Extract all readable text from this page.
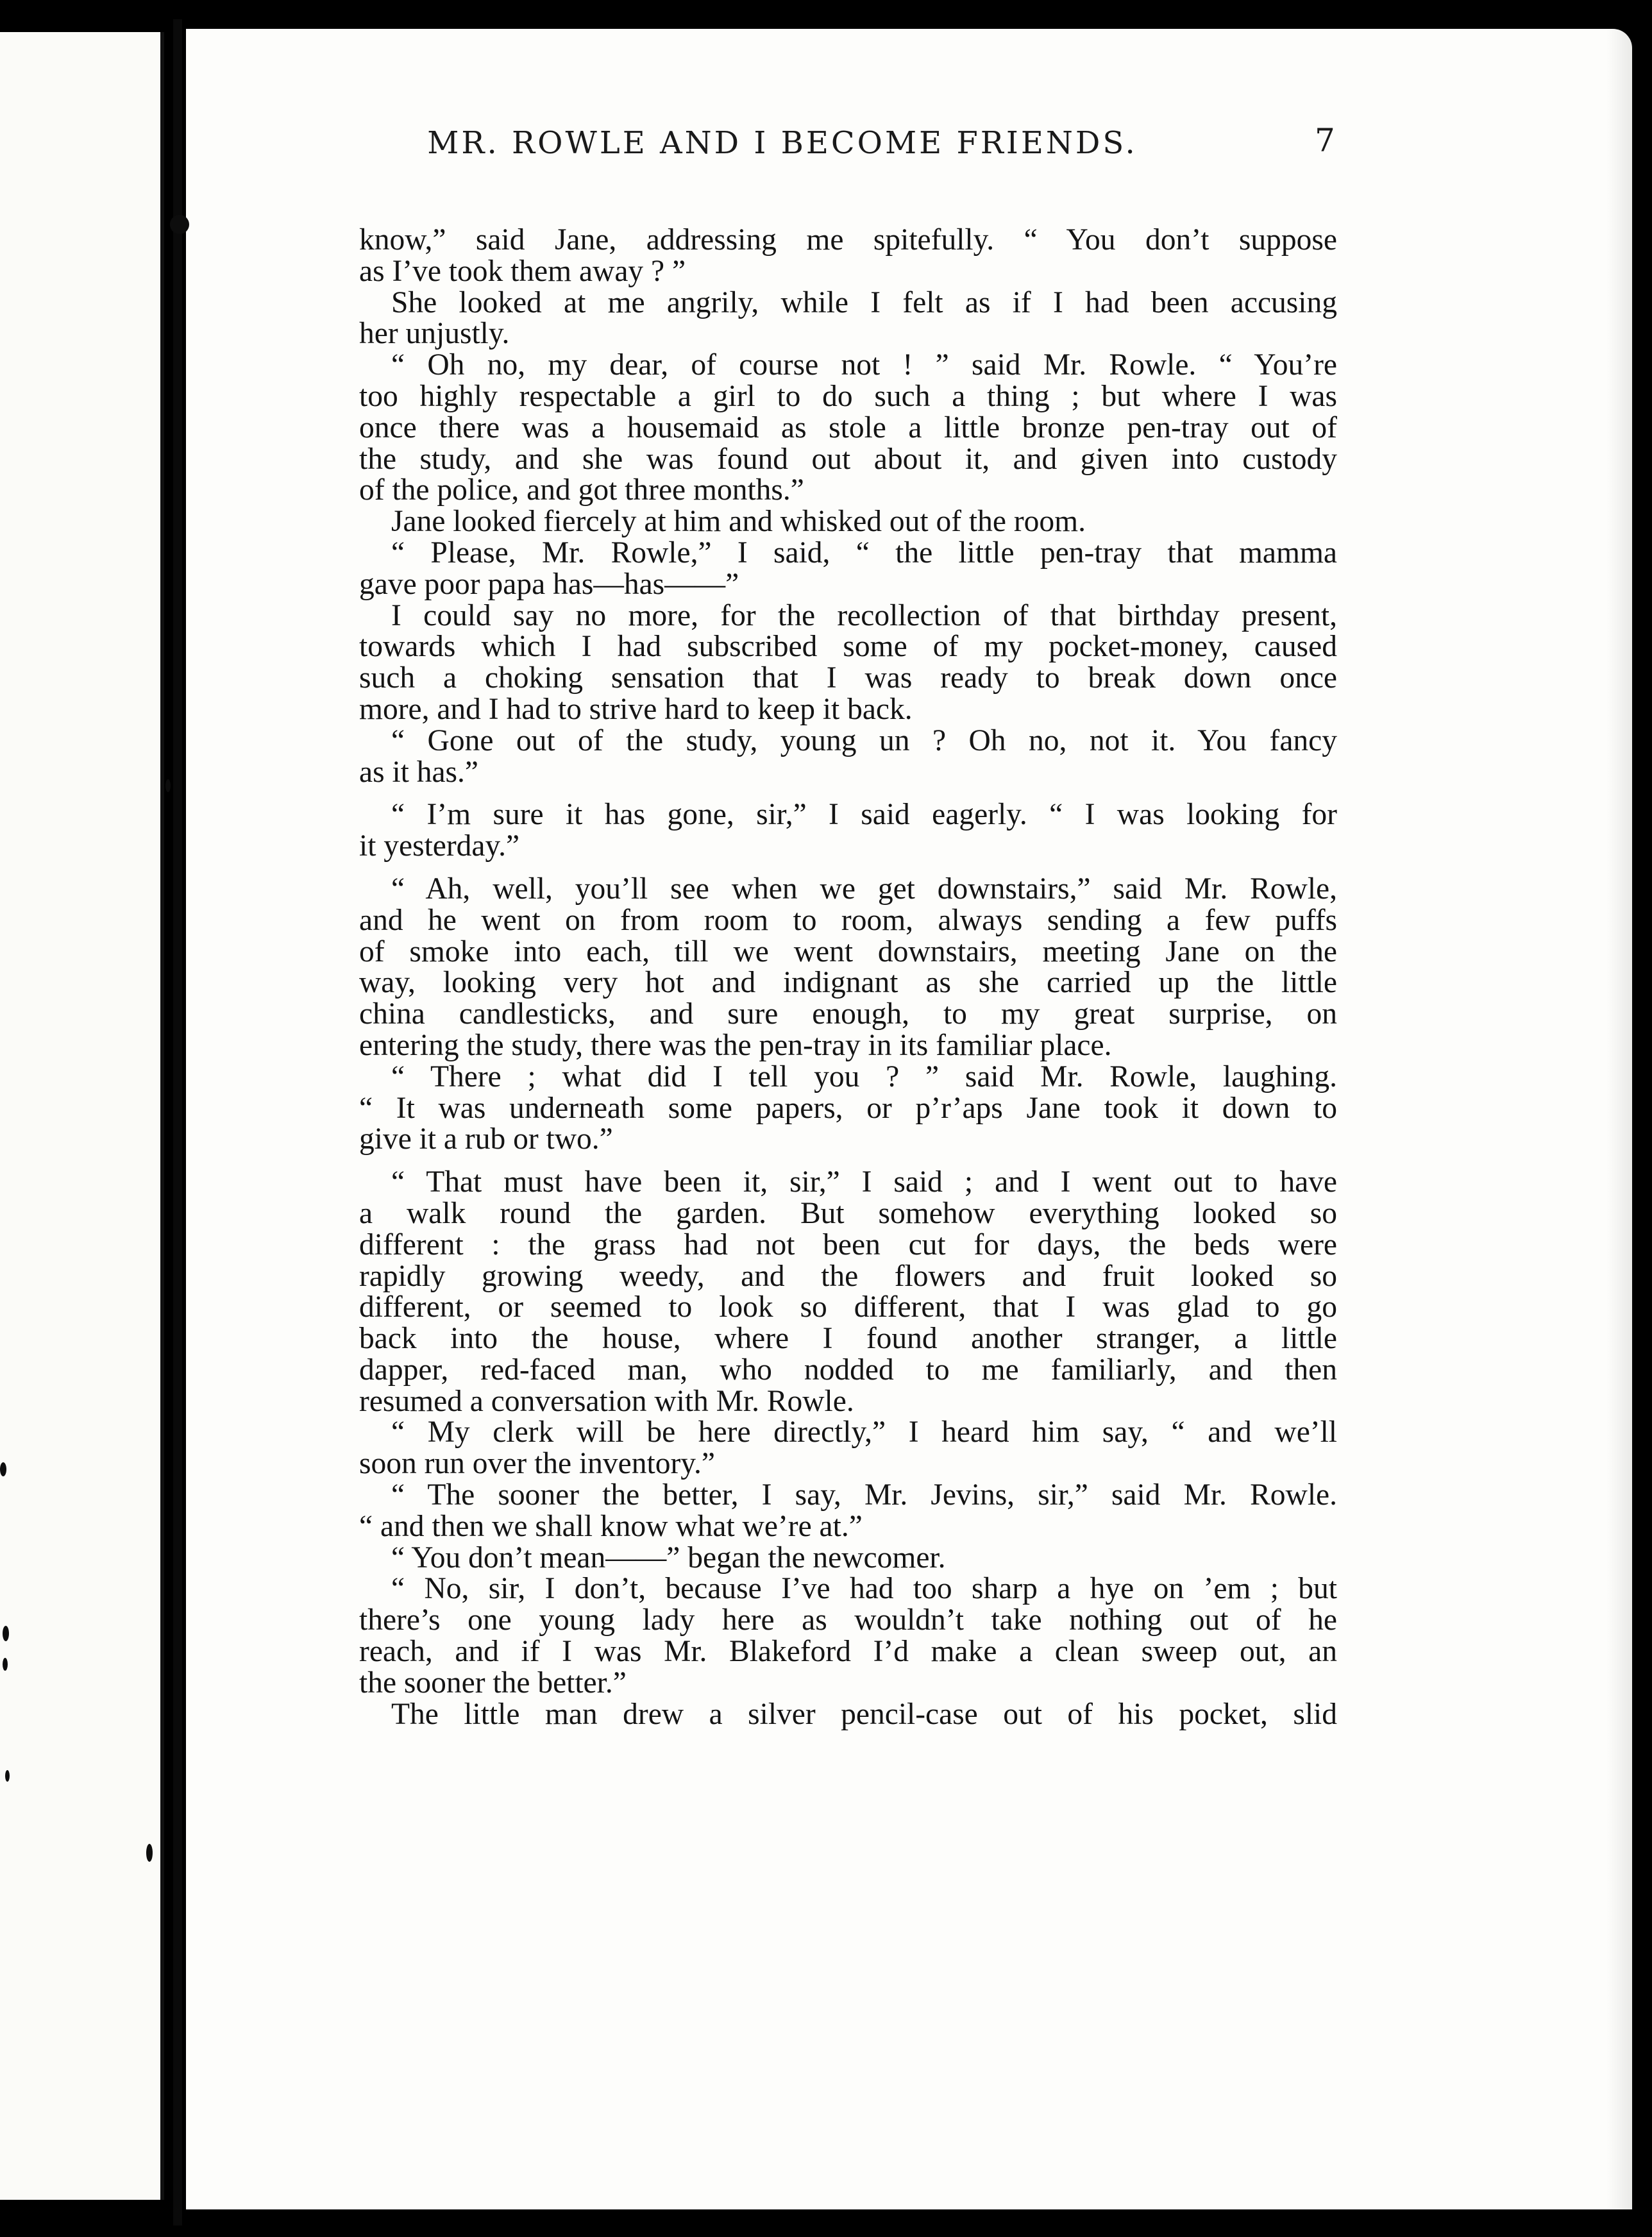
MR. ROWLE AND I BECOME FRIENDS.	7
know,” said Jane, addressing me spitefully. “ You don’t suppose
as I’ve took them away ? ”
She looked at me angrily, while I felt as if I had been accusing
her unjustly.
“ Oh no, my dear, of course not ! ” said Mr. Rowle. “ You’re
too highly respectable a girl to do such a thing ; but where I was
once there was a housemaid as stole a little bronze pen-tray out of
the study, and she was found out about it, and given into custody
of the police, and got three months.”
Jane looked fiercely at him and whisked out of the room.
“ Please, Mr. Rowle,” I said, “ the little pen-tray that mamma
gave poor papa has—has——”
I could say no more, for the recollection of that birthday present,
towards which I had subscribed some of my pocket-money, caused
such a choking sensation that I was ready to break down once
more, and I had to strive hard to keep it back.
“ Gone out of the study, young un ? Oh no, not it. You fancy
as it has.”
“ I’m sure it has gone, sir,” I said eagerly. “ I was looking for
it yesterday.”
“ Ah, well, you’ll see when we get downstairs,” said Mr. Rowle,
and he went on from room to room, always sending a few puffs
of smoke into each, till we went downstairs, meeting Jane on the
way, looking very hot and indignant as she carried up the little
china candlesticks, and sure enough, to my great surprise, on
entering the study, there was the pen-tray in its familiar place.
“ There ; what did I tell you ? ” said Mr. Rowle, laughing.
“ It was underneath some papers, or p’r’aps Jane took it down to
give it a rub or two.”
“ That must have been it, sir,” I said ; and I went out to have
a walk round the garden. But somehow everything looked so
different : the grass had not been cut for days, the beds were
rapidly growing weedy, and the flowers and fruit looked so
different, or seemed to look so different, that I was glad to go
back into the house, where I found another stranger, a little
dapper, red-faced man, who nodded to me familiarly, and then
resumed a conversation with Mr. Rowle.
“ My clerk will be here directly,” I heard him say, “ and we’ll
soon run over the inventory.”
“ The sooner the better, I say, Mr. Jevins, sir,” said Mr. Rowle.
“ and then we shall know what we’re at.”
“ You don’t mean——” began the newcomer.
“ No, sir, I don’t, because I’ve had too sharp a hye on ’em ; but
there’s one young lady here as wouldn’t take nothing out of he
reach, and if I was Mr. Blakeford I’d make a clean sweep out, an
the sooner the better.”
The little man drew a silver pencil-case out of his pocket, slid
